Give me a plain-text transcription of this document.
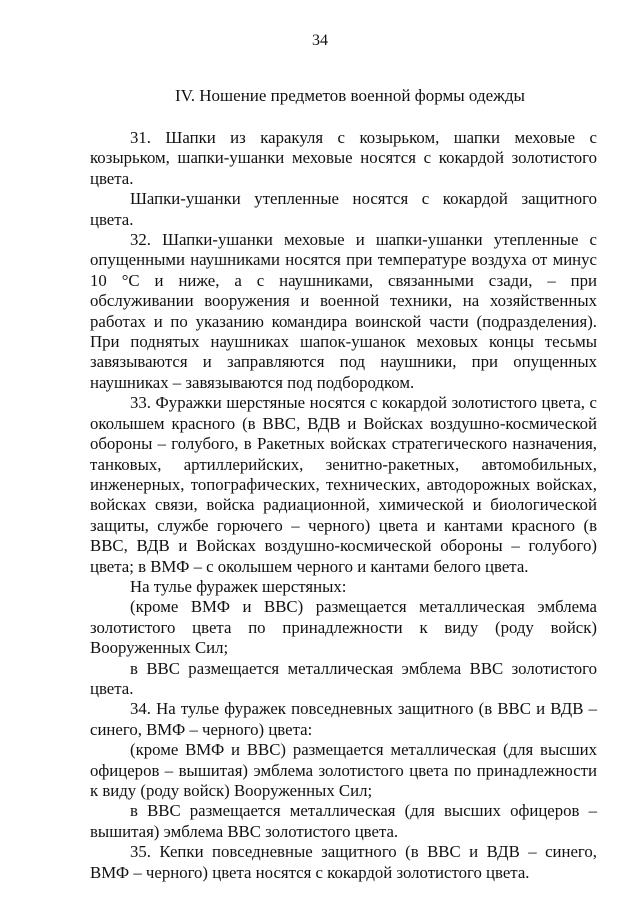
34
IV. Ношение предметов военной формы одежды

31. Шапки из каракуля с козырьком, шапки меховые с козырьком, шапки-ушанки меховые носятся с кокардой золотистого цвета.

Шапки-ушанки утепленные носятся с кокардой защитного цвета.

32. Шапки-ушанки меховые и шапки-ушанки утепленные с опущенными наушниками носятся при температуре воздуха от минус 10 °С и ниже, а с наушниками, связанными сзади, – при обслуживании вооружения и военной техники, на хозяйственных работах и по указанию командира воинской части (подразделения). При поднятых наушниках шапок-ушанок меховых концы тесьмы завязываются и заправляются под наушники, при опущенных наушниках – завязываются под подбородком.

33. Фуражки шерстяные носятся с кокардой золотистого цвета, с околышем красного (в ВВС, ВДВ и Войсках воздушно-космической обороны – голубого, в Ракетных войсках стратегического назначения, танковых, артиллерийских, зенитно-ракетных, автомобильных, инженерных, топографических, технических, автодорожных войсках, войсках связи, войска радиационной, химической и биологической защиты, службе горючего – черного) цвета и кантами красного (в ВВС, ВДВ и Войсках воздушно-космической обороны – голубого) цвета; в ВМФ – с околышем черного и кантами белого цвета.

На тулье фуражек шерстяных:

(кроме ВМФ и ВВС) размещается металлическая эмблема золотистого цвета по принадлежности к виду (роду войск) Вооруженных Сил;

в ВВС размещается металлическая эмблема ВВС золотистого цвета.

34. На тулье фуражек повседневных защитного (в ВВС и ВДВ – синего, ВМФ – черного) цвета:

(кроме ВМФ и ВВС) размещается металлическая (для высших офицеров – вышитая) эмблема золотистого цвета по принадлежности к виду (роду войск) Вооруженных Сил;

в ВВС размещается металлическая (для высших офицеров – вышитая) эмблема ВВС золотистого цвета.

35. Кепки повседневные защитного (в ВВС и ВДВ – синего, ВМФ – черного) цвета носятся с кокардой золотистого цвета.
